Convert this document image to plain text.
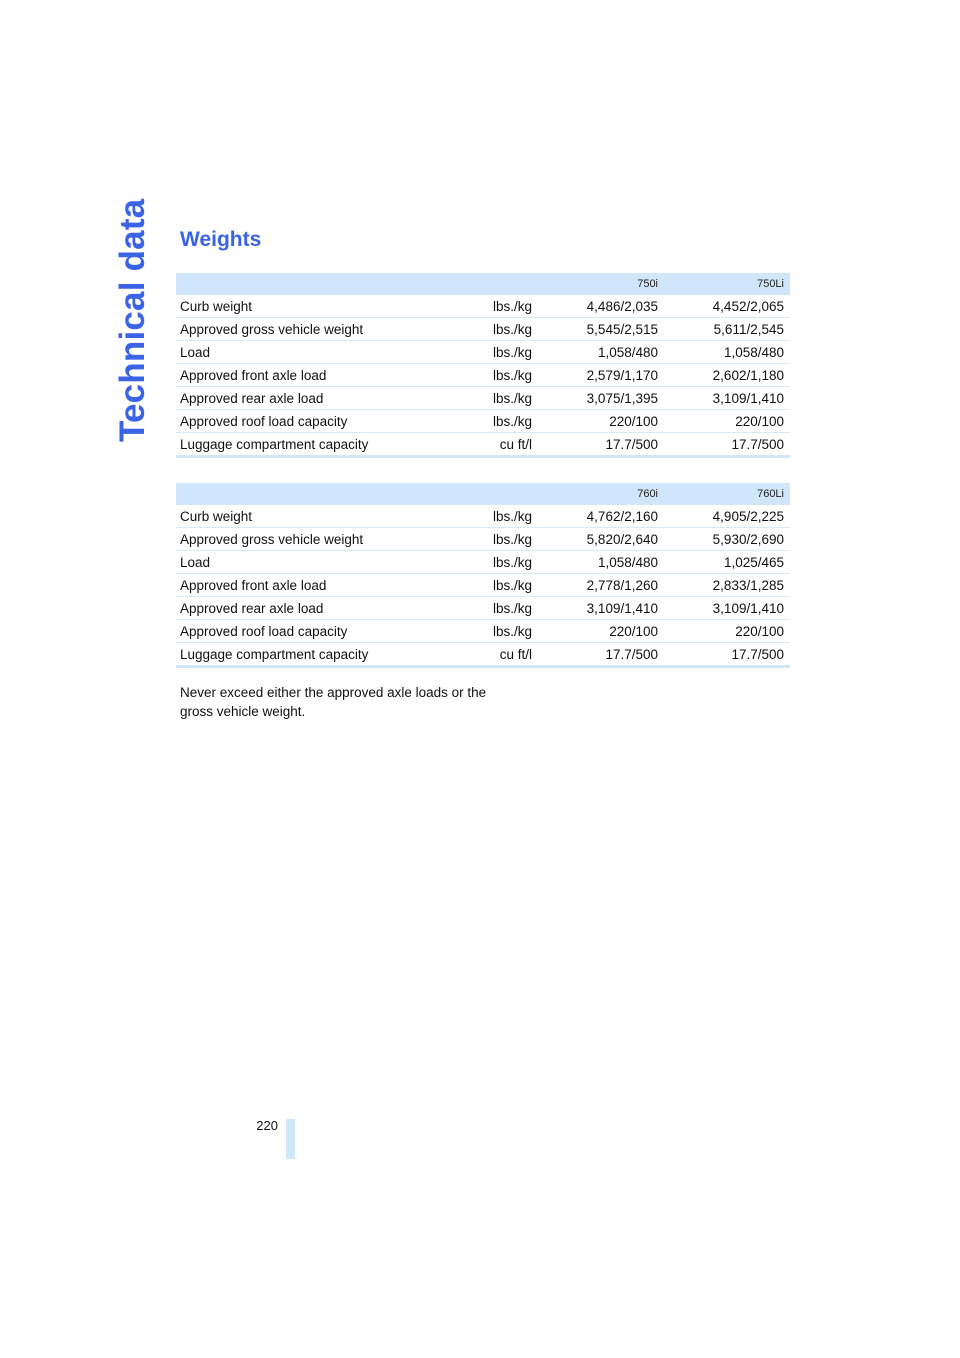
Technical data Weights
		750i	750Li
Curb weight	lbs./kg	4,486/2,035	4,452/2,065
Approved gross vehicle weight	lbs./kg	5,545/2,515	5,611/2,545
Load	lbs./kg	1,058/480	1,058/480
Approved front axle load	lbs./kg	2,579/1,170	2,602/1,180
Approved rear axle load	lbs./kg	3,075/1,395	3,109/1,410
Approved roof load capacity	lbs./kg	220/100	220/100
Luggage compartment capacity	cu ft/l	17.7/500	17.7/500
		760i	760Li
Curb weight	lbs./kg	4,762/2,160	4,905/2,225
Approved gross vehicle weight	lbs./kg	5,820/2,640	5,930/2,690
Load	lbs./kg	1,058/480	1,025/465
Approved front axle load	lbs./kg	2,778/1,260	2,833/1,285
Approved rear axle load	lbs./kg	3,109/1,410	3,109/1,410
Approved roof load capacity	lbs./kg	220/100	220/100
Luggage compartment capacity	cu ft/l	17.7/500	17.7/500

Never exceed either the approved axle loads or the gross vehicle weight.

220
